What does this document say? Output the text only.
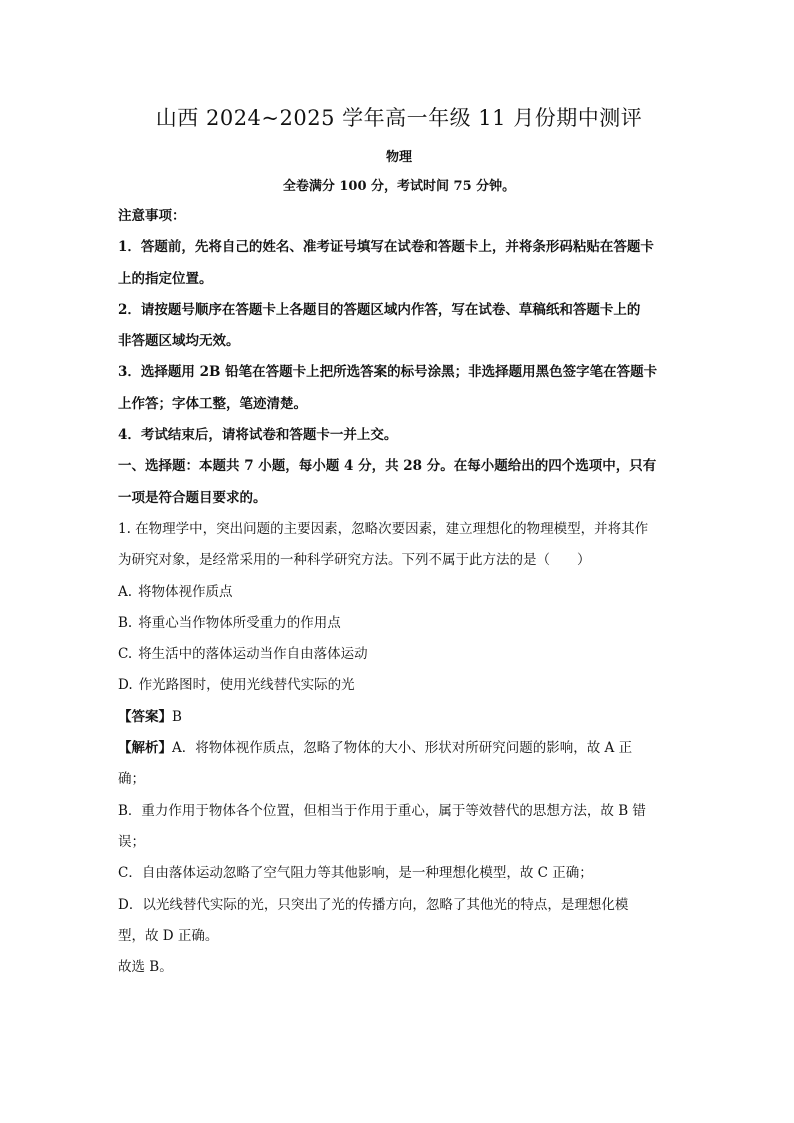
山西 2024~2025 学年高一年级 11 月份期中测评
物理
全卷满分 100 分，考试时间 75 分钟。
注意事项：
1．答题前，先将自己的姓名、准考证号填写在试卷和答题卡上，并将条形码粘贴在答题卡
上的指定位置。
2．请按题号顺序在答题卡上各题目的答题区域内作答，写在试卷、草稿纸和答题卡上的
非答题区域均无效。
3．选择题用 2B 铅笔在答题卡上把所选答案的标号涂黑；非选择题用黑色签字笔在答题卡
上作答；字体工整，笔迹清楚。
4．考试结束后，请将试卷和答题卡一并上交。
一、选择题：本题共 7 小题，每小题 4 分，共 28 分。在每小题给出的四个选项中，只有
一项是符合题目要求的。
1. 在物理学中，突出问题的主要因素，忽略次要因素，建立理想化的物理模型，并将其作
为研究对象，是经常采用的一种科学研究方法。下列不属于此方法的是（　　）
A. 将物体视作质点
B. 将重心当作物体所受重力的作用点
C. 将生活中的落体运动当作自由落体运动
D. 作光路图时，使用光线替代实际的光
【答案】B
【解析】A．将物体视作质点，忽略了物体的大小、形状对所研究问题的影响，故 A 正
确；
B．重力作用于物体各个位置，但相当于作用于重心，属于等效替代的思想方法，故 B 错
误；
C．自由落体运动忽略了空气阻力等其他影响，是一种理想化模型，故 C 正确；
D．以光线替代实际的光，只突出了光的传播方向，忽略了其他光的特点，是理想化模
型，故 D 正确。
故选 B。
